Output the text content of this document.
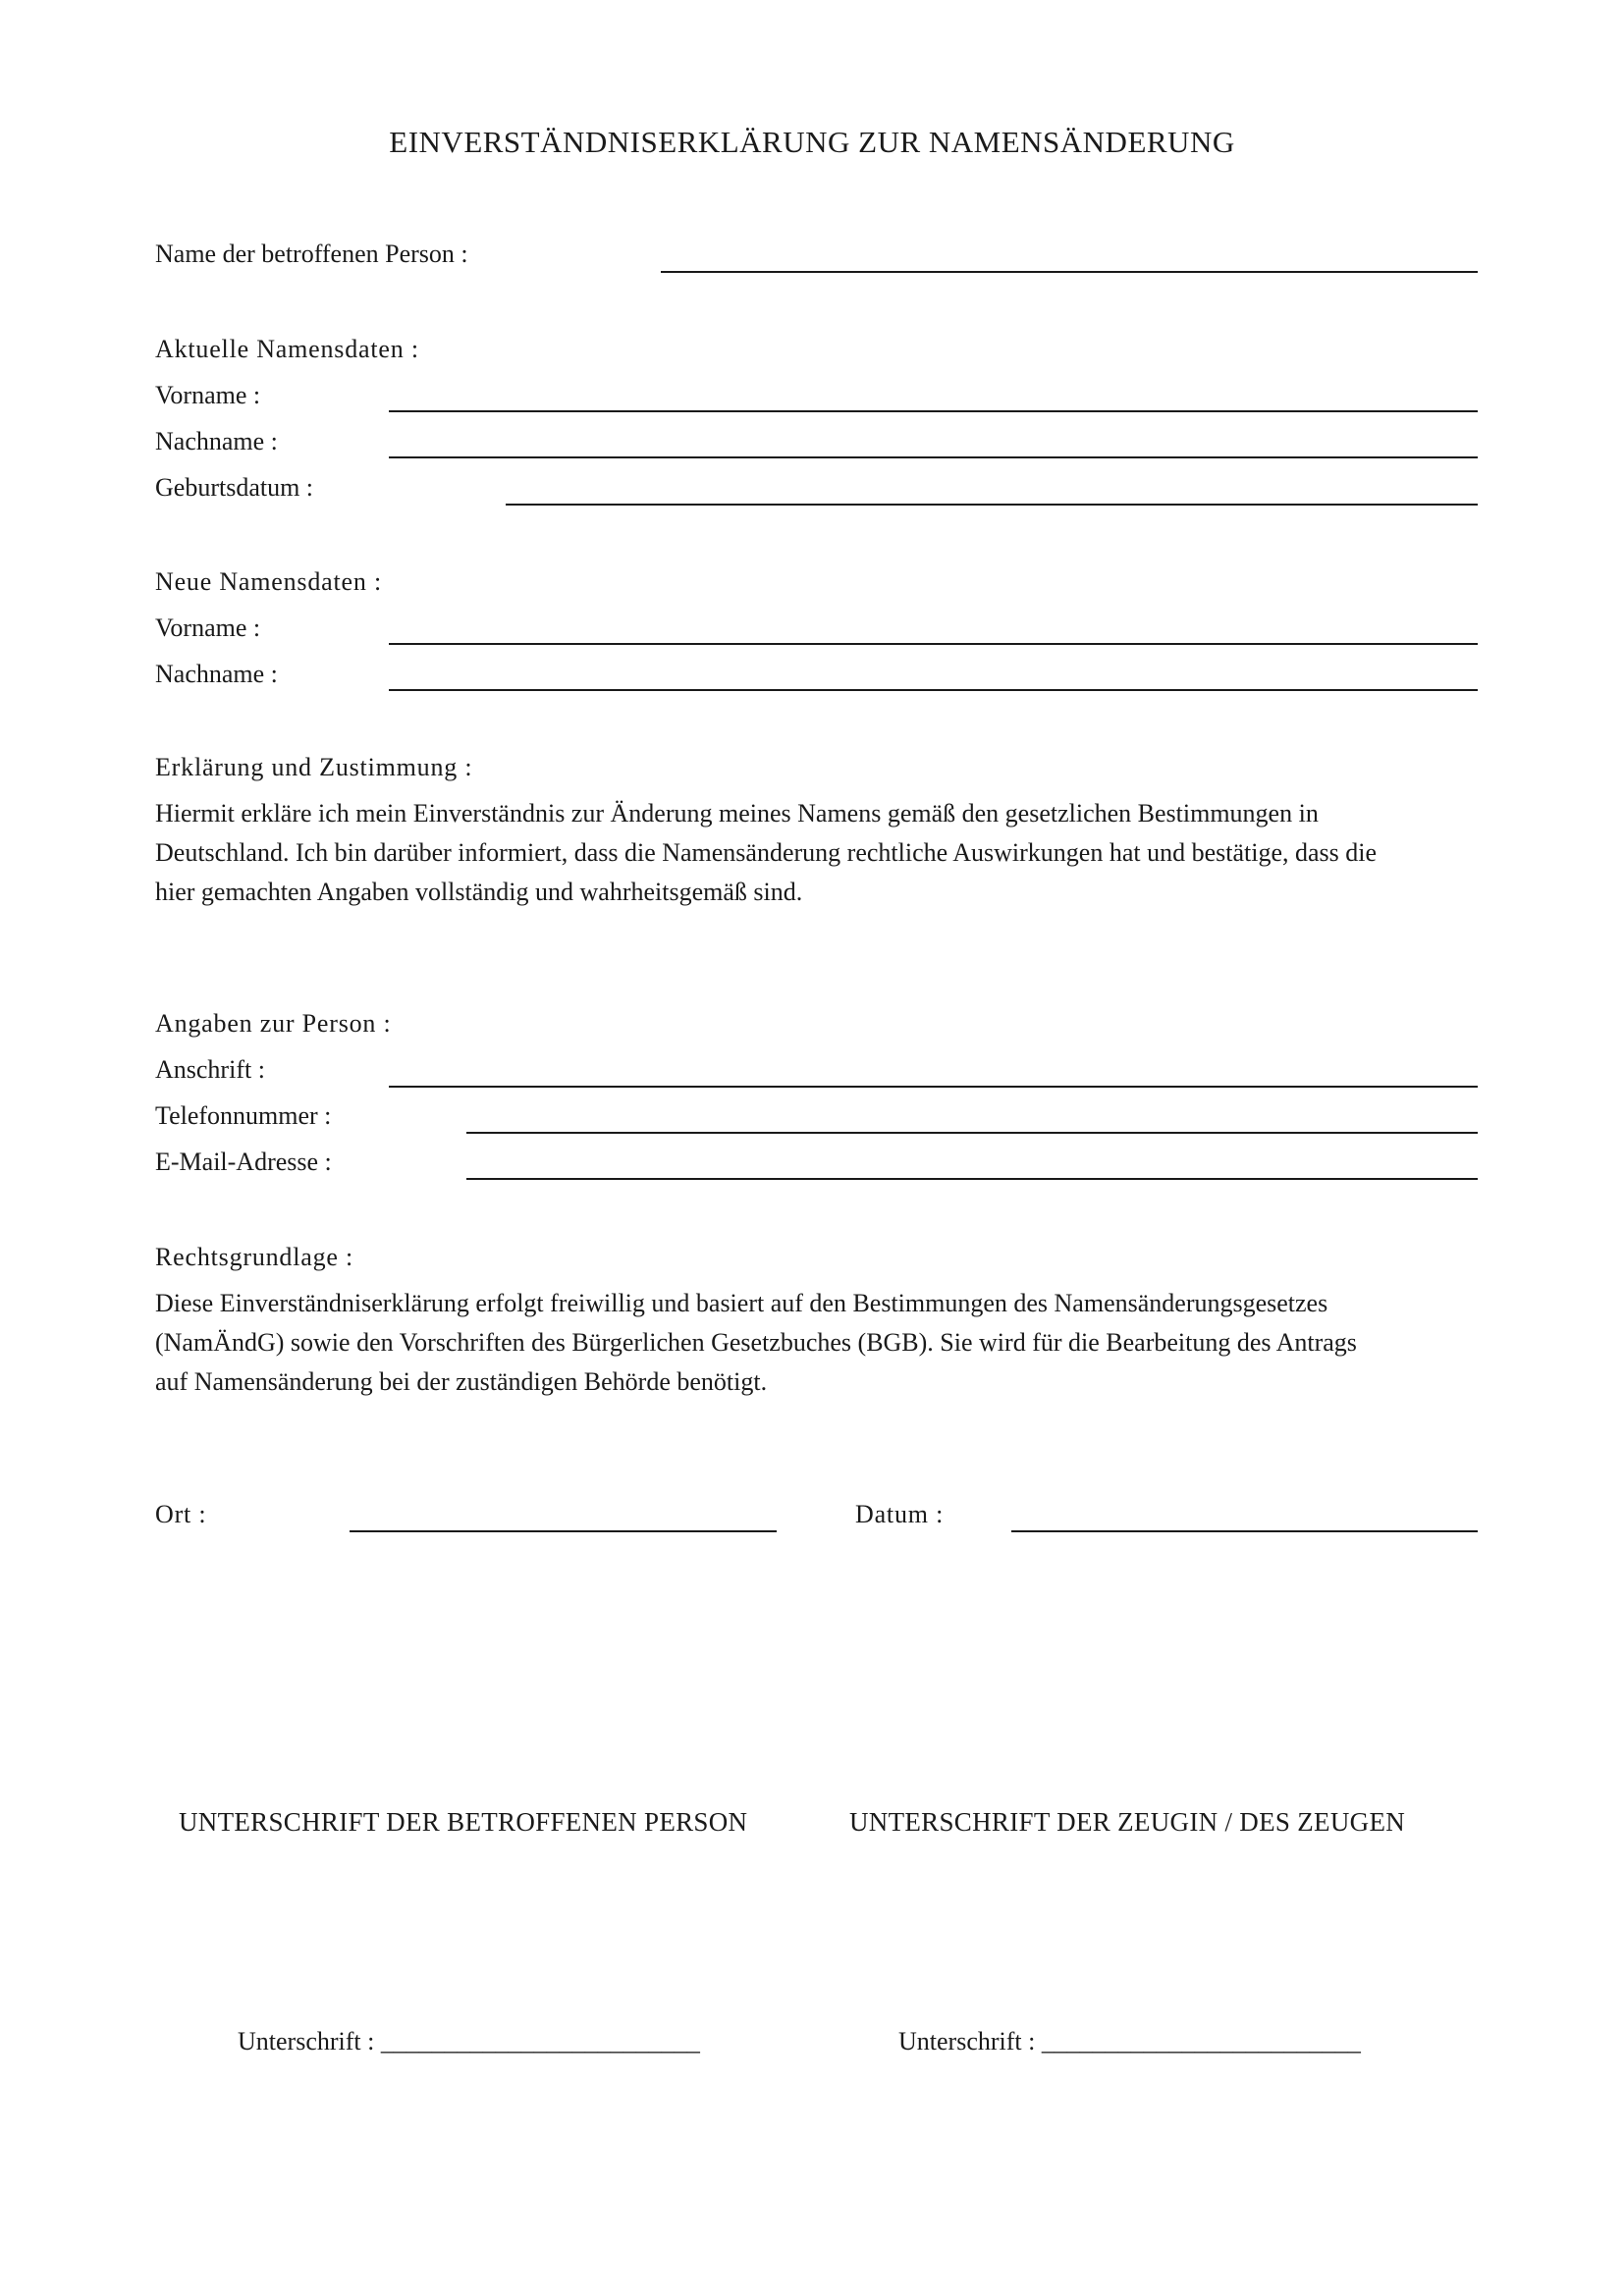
EINVERSTÄNDNISERKLÄRUNG ZUR NAMENSÄNDERUNG
Name der betroffenen Person :
Aktuelle Namensdaten :
Vorname :
Nachname :
Geburtsdatum :
Neue Namensdaten :
Vorname :
Nachname :
Erklärung und Zustimmung :
Hiermit erkläre ich mein Einverständnis zur Änderung meines Namens gemäß den gesetzlichen Bestimmungen in
Deutschland. Ich bin darüber informiert, dass die Namensänderung rechtliche Auswirkungen hat und bestätige, dass die
hier gemachten Angaben vollständig und wahrheitsgemäß sind.
Angaben zur Person :
Anschrift :
Telefonnummer :
E-Mail-Adresse :
Rechtsgrundlage :
Diese Einverständniserklärung erfolgt freiwillig und basiert auf den Bestimmungen des Namensänderungsgesetzes
(NamÄndG) sowie den Vorschriften des Bürgerlichen Gesetzbuches (BGB). Sie wird für die Bearbeitung des Antrags
auf Namensänderung bei der zuständigen Behörde benötigt.
Ort :	Datum :
UNTERSCHRIFT DER BETROFFENEN PERSON	UNTERSCHRIFT DER ZEUGIN / DES ZEUGEN
Unterschrift : _________________________	Unterschrift : _________________________
